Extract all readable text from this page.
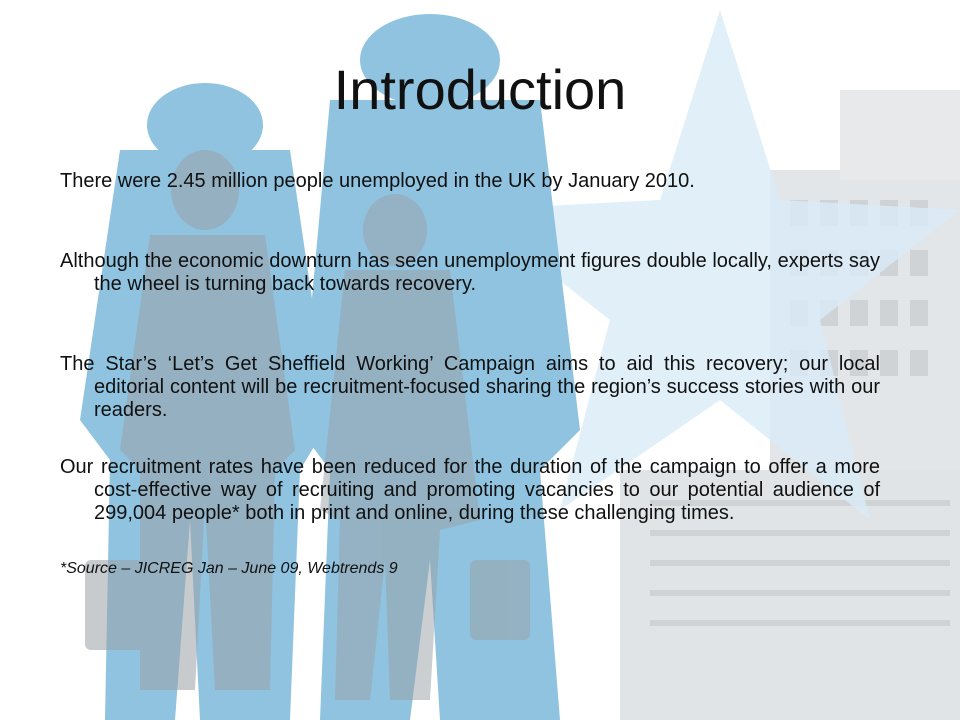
Introduction

There were 2.45 million people unemployed in the UK by January 2010.

Although the economic downturn has seen unemployment figures double locally, experts say the wheel is turning back towards recovery.

The Star’s ‘Let’s Get Sheffield Working’ Campaign aims to aid this recovery; our local editorial content will be recruitment-focused sharing the region’s success stories with our readers.

Our recruitment rates have been reduced for the duration of the campaign to offer a more cost-effective way of recruiting and promoting vacancies to our potential audience of 299,004 people* both in print and online, during these challenging times.

*Source – JICREG Jan – June 09, Webtrends 9
